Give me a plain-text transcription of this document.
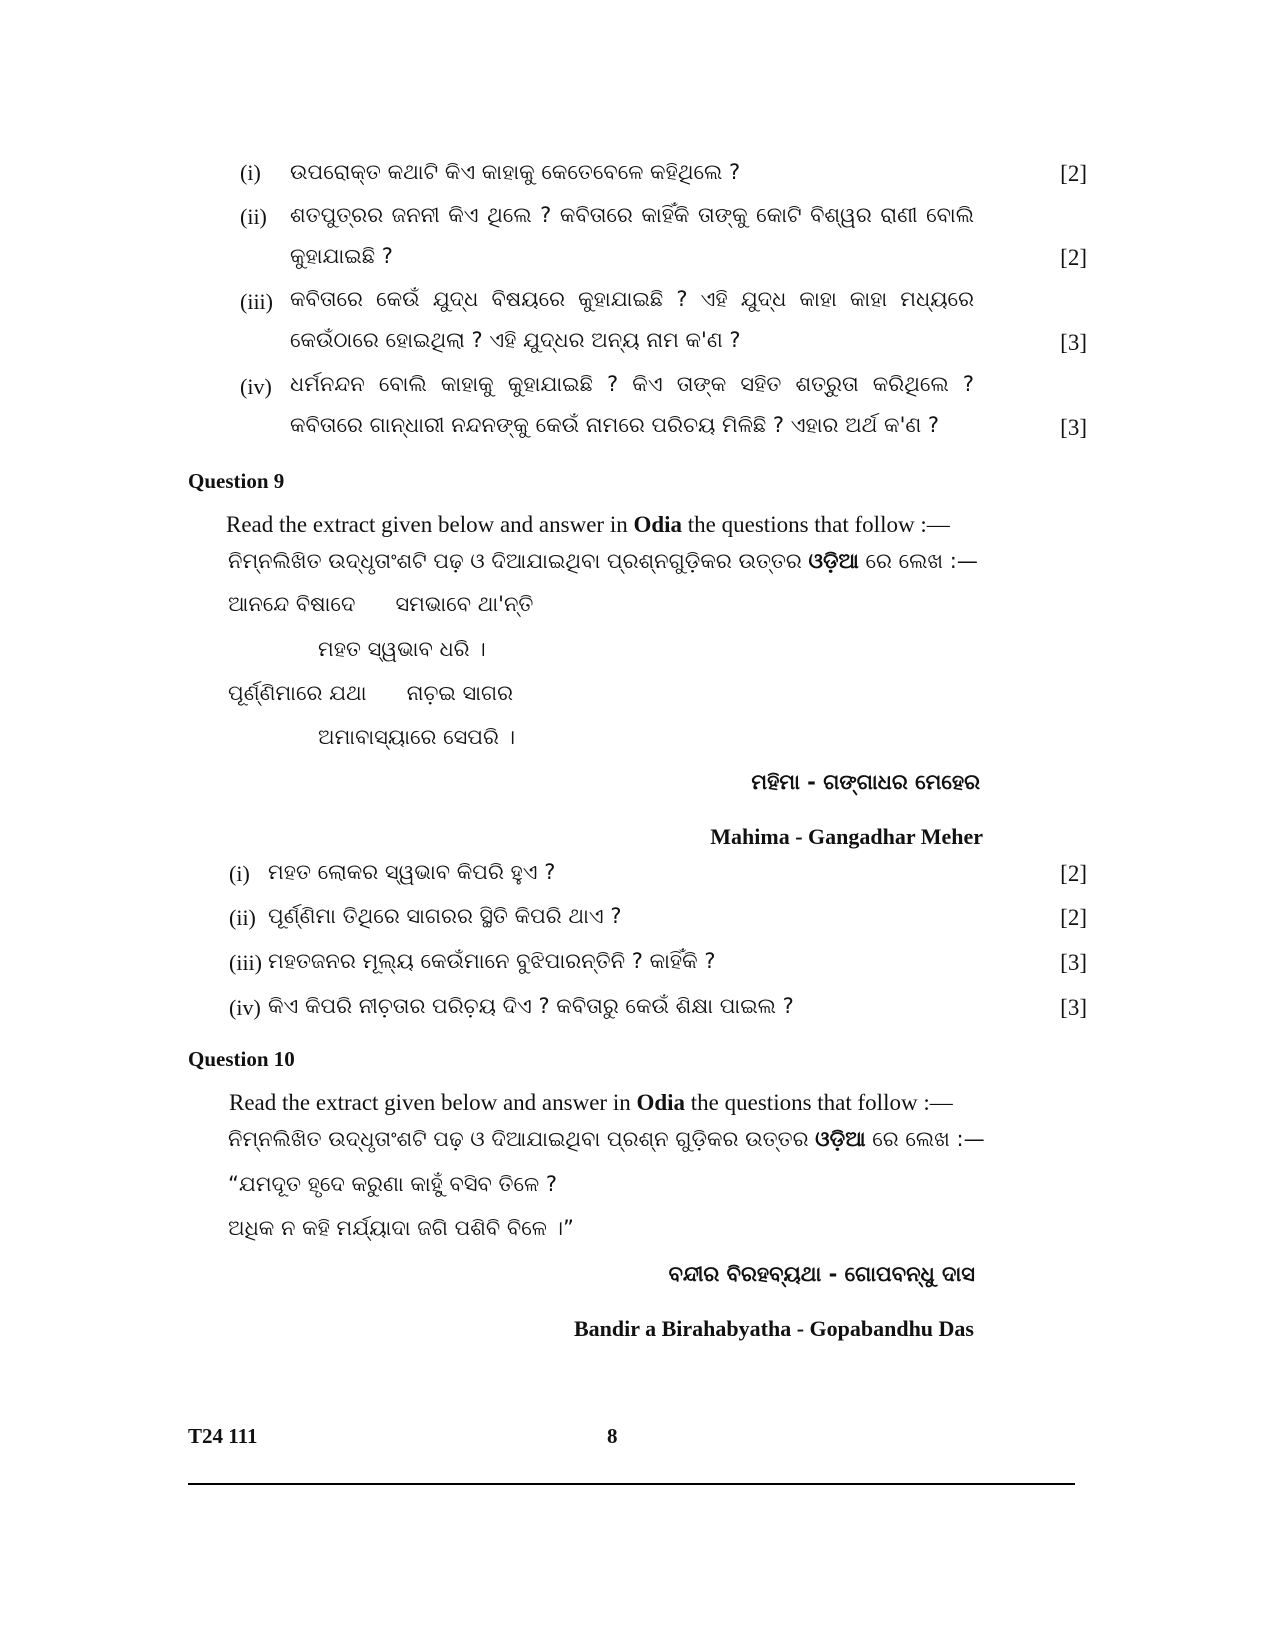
(i) ଉପରୋକ୍ତ କଥାଟି କିଏ କାହାକୁ କେତେବେଳେ କହିଥିଲେ ?	[2]
(ii) ଶତପୁତ୍ରର ଜନନୀ କିଏ ଥିଲେ ? କବିତାରେ କାହିଁକି ତାଙ୍କୁ କୋଟି ବିଶ୍ୱର ରାଣୀ ବୋଲି
କୁହାଯାଇଛି ?	[2]
(iii) କବିତାରେ କେଉଁ ଯୁଦ୍ଧ ବିଷୟରେ କୁହାଯାଇଛି ? ଏହି ଯୁଦ୍ଧ କାହା କାହା ମଧ୍ୟରେ
କେଉଁଠାରେ ହୋଇଥିଲା ? ଏହି ଯୁଦ୍ଧର ଅନ୍ୟ ନାମ କ'ଣ ?	[3]
(iv) ଧର୍ମନନ୍ଦନ ବୋଲି କାହାକୁ କୁହାଯାଇଛି ? କିଏ ତାଙ୍କ ସହିତ ଶତ୍ରୁତା କରିଥିଲେ ?
କବିତାରେ ଗାନ୍ଧାରୀ ନନ୍ଦନଙ୍କୁ କେଉଁ ନାମରେ ପରିଚୟ ମିଳିଛି ? ଏହାର ଅର୍ଥ କ'ଣ ?	[3]
Question 9
Read the extract given below and answer in Odia the questions that follow :—
ନିମ୍ନଲିଖିତ ଉଦ୍ଧୃତାଂଶଟି ପଢ଼ ଓ ଦିଆଯାଇଥିବା ପ୍ରଶ୍ନଗୁଡ଼ିକର ଉତ୍ତର ଓଡ଼ିଆ ରେ ଲେଖ :—
ଆନନ୍ଦେ ବିଷାଦେ      ସମଭାବେ ଥା'ନ୍ତି
ମହତ ସ୍ୱଭାବ ଧରି ।
ପୂର୍ଣ୍ଣିମାରେ ଯଥା      ନାଚ଼ଇ ସାଗର
ଅମାବାସ୍ୟାରେ ସେପରି ।
ମହିମା - ଗଙ୍ଗାଧର ମେହେର
Mahima - Gangadhar Meher
(i) ମହତ ଲୋକର ସ୍ୱଭାବ କିପରି ହୁଏ ?	[2]
(ii) ପୂର୍ଣ୍ଣିମା ତିଥିରେ ସାଗରର ସ୍ଥିତି କିପରି ଥାଏ ?	[2]
(iii) ମହତଜନର ମୂଲ୍ୟ କେଉଁମାନେ ବୁଝିପାରନ୍ତିନି ? କାହିଁକି ?	[3]
(iv) କିଏ କିପରି ନୀଚ଼ତାର ପରିଚ଼ୟ ଦିଏ ? କବିତାରୁ କେଉଁ ଶିକ୍ଷା ପାଇଲ ?	[3]
Question 10
Read the extract given below and answer in Odia the questions that follow :—
ନିମ୍ନଲିଖିତ ଉଦ୍ଧୃତାଂଶଟି ପଢ଼ ଓ ଦିଆଯାଇଥିବା ପ୍ରଶ୍ନ ଗୁଡ଼ିକର ଉତ୍ତର ଓଡ଼ିଆ ରେ ଲେଖ :—
“ଯମଦୂତ ହୃଦେ କରୁଣା କାହୁଁ ବସିବ ତିଳେ ?
ଅଧିକ ନ କହି ମର୍ଯ୍ୟାଦା ଜଗି ପଶିବି ବିଳେ ।”
ବନ୍ଦୀର ବିରହବ୍ୟଥା - ଗୋପବନ୍ଧୁ ଦାସ
Bandir a Birahabyatha - Gopabandhu Das
T24 111	8
